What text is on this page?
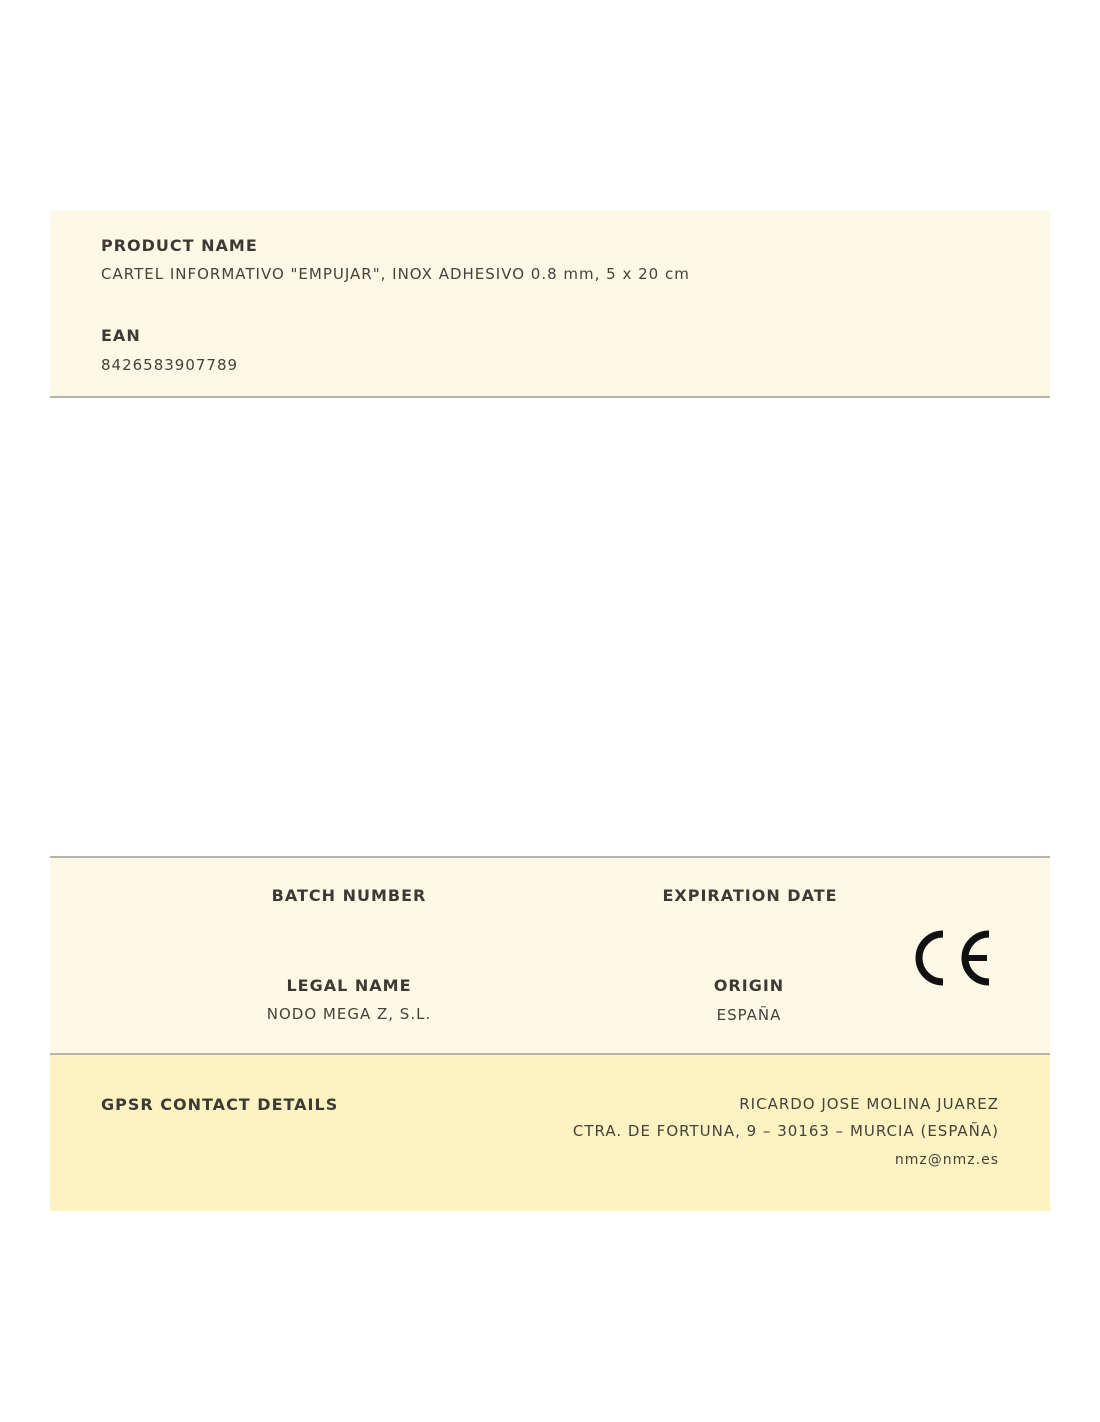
PRODUCT NAME
CARTEL INFORMATIVO "EMPUJAR", INOX ADHESIVO 0.8 mm, 5 x 20 cm
EAN
8426583907789
BATCH NUMBER	EXPIRATION DATE
LEGAL NAME
NODO MEGA Z, S.L.
ORIGIN
ESPAÑA
GPSR CONTACT DETAILS	RICARDO JOSE MOLINA JUAREZ
CTRA. DE FORTUNA, 9 – 30163 – MURCIA (ESPAÑA)
nmz@nmz.es
